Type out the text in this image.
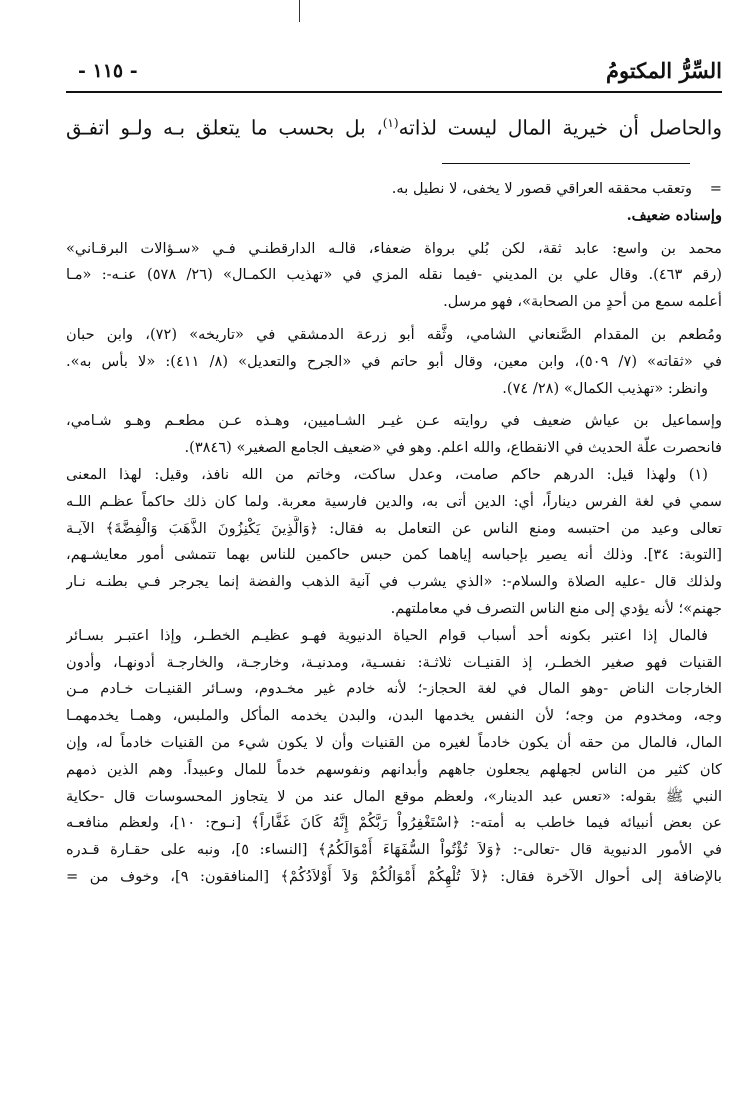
السِّرُّ المكتومُ
- ١١٥ -
والحاصل أن خيرية المال ليست لذاته$^{(١)}$، بل بحسب ما يتعلق بـه ولـو اتفـق
=
وتعقب محققه العراقي قصور لا يخفى، لا نطيل به.
وإسناده ضعيف.
محمد بن واسع: عابد ثقة، لكن بُلي برواة ضعفاء، قالـه الدارقطنـي فـي «سـؤالات البرقـاني»
(رقم ٤٦٣). وقال علي بن المديني -فيما نقله المزي في «تهذيب الكمـال» (٢٦/ ٥٧٨) عنـه-: «مـا
أعلمه سمع من أحدٍ من الصحابة»، فهو مرسل.
ومُطعم بن المقدام الصَّنعاني الشامي، وثَّقه أبو زرعة الدمشقي في «تاريخه» (٧٢)، وابن حبان
في «ثقاته» (٧/ ٥٠٩)، وابن معين، وقال أبو حاتم في «الجرح والتعديل» (٨/ ٤١١): «لا بأس به».
وانظر: «تهذيب الكمال» (٢٨/ ٧٤).
وإسماعيل بن عياش ضعيف في روايته عـن غيـر الشـاميين، وهـذه عـن مطعـم وهـو شـامي،
فانحصرت علّة الحديث في الانقطاع، والله اعلم. وهو في «ضعيف الجامع الصغير» (٣٨٤٦).
(١) ولهذا قيل: الدرهم حاكم صامت، وعدل ساكت، وخاتم من الله نافذ، وقيل: لهذا المعنى
سمي في لغة الفرس ديناراً، أي: الدين أتى به، والدين فارسية معربة. ولما كان ذلك حاكماً عظـم اللـه
تعالى وعيد من احتبسه ومنع الناس عن التعامل به فقال: ﴿وَالَّذِينَ يَكْنِزُونَ الذَّهَبَ وَالْفِضَّةَ﴾ الآيـة
[التوبة: ٣٤]. وذلك أنه يصير بإحباسه إياهما كمن حبس حاكمين للناس بهما تتمشى أمور معايشـهم،
ولذلك قال -عليه الصلاة والسلام-: «الذي يشرب في آنية الذهب والفضة إنما يجرجر فـي بطنـه نـار
جهنم»؛ لأنه يؤدي إلى منع الناس التصرف في معاملتهم.
فالمال إذا اعتبر بكونه أحد أسباب قوام الحياة الدنيوية فهـو عظيـم الخطـر، وإذا اعتبـر بسـائر
القنيات فهو صغير الخطـر، إذ القنيـات ثلاثـة: نفسـية، ومدنيـة، وخارجـة، والخارجـة أدونهـا، وأدون
الخارجات الناض -وهو المال في لغة الحجاز-؛ لأنه خادم غير مخـدوم، وسـائر القنيـات خـادم مـن
وجه، ومخدوم من وجه؛ لأن النفس يخدمها البدن، والبدن يخدمه المأكل والملبس، وهمـا يخدمهمـا
المال، فالمال من حقه أن يكون خادماً لغيره من القنيات وأن لا يكون شيء من القنيات خادماً له، وإن
كان كثير من الناس لجهلهم يجعلون جاههم وأبدانهم ونفوسهم خدماً للمال وعبيداً. وهم الذين ذمهم
النبي ﷺ بقوله: «تعس عبد الدينار»، ولعظم موقع المال عند من لا يتجاوز المحسوسات قال -حكاية
عن بعض أنبيائه فيما خاطب به أمته-: ﴿اسْتَغْفِرُواْ رَبَّكُمْ إِنَّهُ كَانَ غَفَّاراً﴾ [نـوح: ١٠]، ولعظم منافعـه
في الأمور الدنيوية قال -تعالى-: ﴿وَلاَ تُؤْتُواْ السُّفَهَاءَ أَمْوَالَكُمُ﴾ [النساء: ٥]، ونبه على حقـارة قـدره
بالإضافة إلى أحوال الآخرة فقال: ﴿لاَ تُلْهِكُمْ أَمْوَالُكُمْ وَلاَ أَوْلاَدُكُمْ﴾ [المنافقون: ٩]، وخوف من =
